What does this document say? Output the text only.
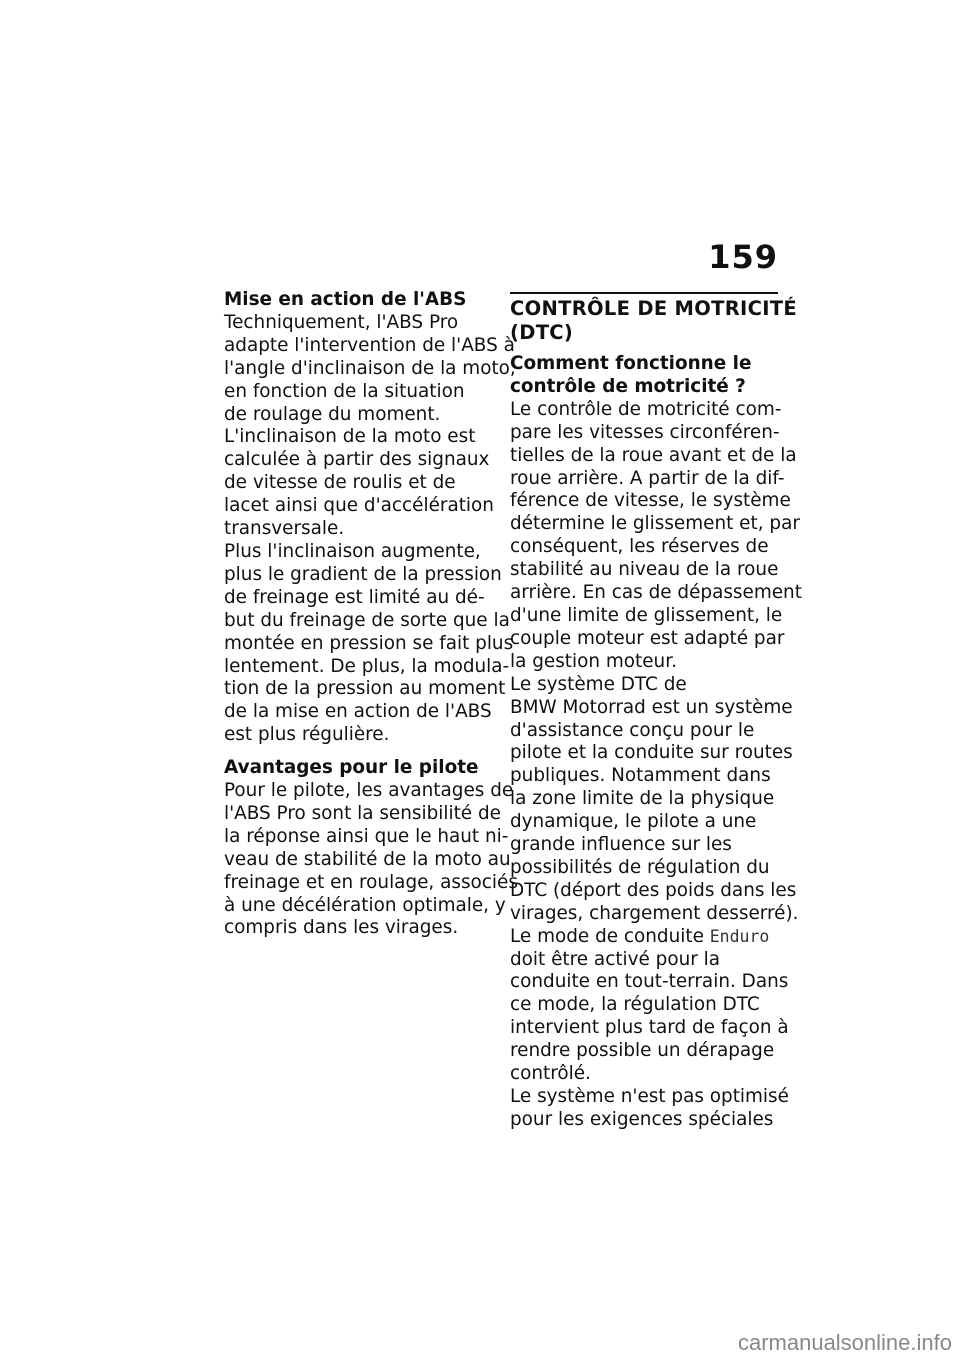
159
Mise en action de l'ABS
Techniquement, l'ABS Pro
adapte l'intervention de l'ABS à
l'angle d'inclinaison de la moto,
en fonction de la situation
de roulage du moment.
L'inclinaison de la moto est
calculée à partir des signaux
de vitesse de roulis et de
lacet ainsi que d'accélération
transversale.
Plus l'inclinaison augmente,
plus le gradient de la pression
de freinage est limité au dé-
but du freinage de sorte que la
montée en pression se fait plus
lentement. De plus, la modula-
tion de la pression au moment
de la mise en action de l'ABS
est plus régulière.
Avantages pour le pilote
Pour le pilote, les avantages de
l'ABS Pro sont la sensibilité de
la réponse ainsi que le haut ni-
veau de stabilité de la moto au
freinage et en roulage, associés
à une décélération optimale, y
compris dans les virages.
CONTRÔLE DE MOTRICITÉ
(DTC)
Comment fonctionne le
contrôle de motricité ?
Le contrôle de motricité com-
pare les vitesses circonféren-
tielles de la roue avant et de la
roue arrière. A partir de la dif-
férence de vitesse, le système
détermine le glissement et, par
conséquent, les réserves de
stabilité au niveau de la roue
arrière. En cas de dépassement
d'une limite de glissement, le
couple moteur est adapté par
la gestion moteur.
Le système DTC de
BMW Motorrad est un système
d'assistance conçu pour le
pilote et la conduite sur routes
publiques. Notamment dans
la zone limite de la physique
dynamique, le pilote a une
grande influence sur les
possibilités de régulation du
DTC (déport des poids dans les
virages, chargement desserré).
Le mode de conduite Enduro
doit être activé pour la
conduite en tout-terrain. Dans
ce mode, la régulation DTC
intervient plus tard de façon à
rendre possible un dérapage
contrôlé.
Le système n'est pas optimisé
pour les exigences spéciales
carmanualsonline.info
